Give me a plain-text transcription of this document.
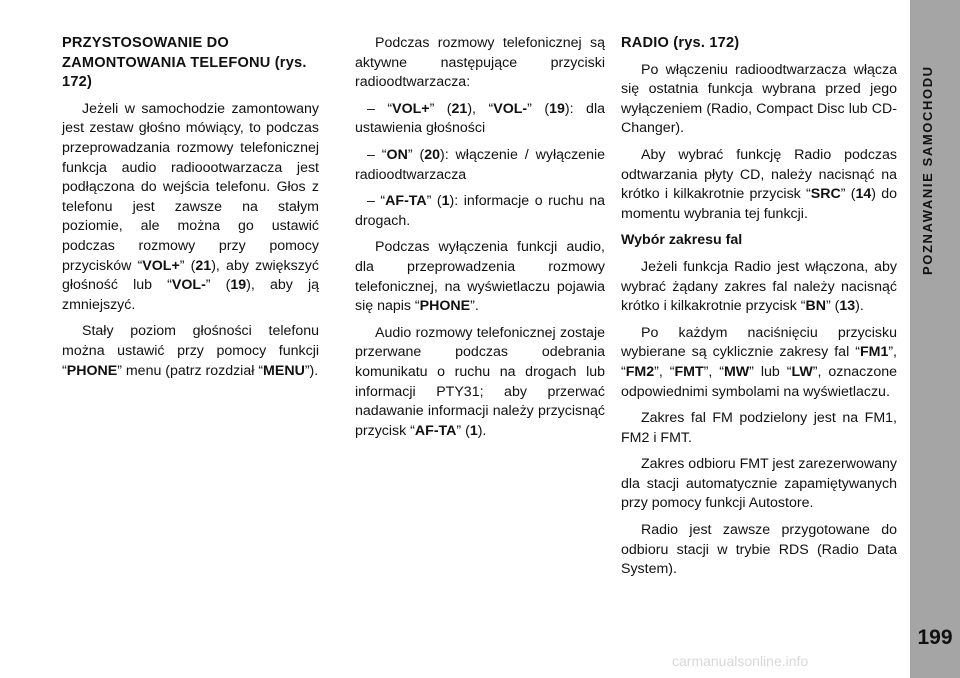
POZNAWANIE SAMOCHODU
199

PRZYSTOSOWANIE DO ZAMONTOWANIA TELEFONU (rys. 172)

Jeżeli w samochodzie zamontowany jest zestaw głośno mówiący, to podczas przeprowadzania rozmowy telefonicznej funkcja audio radioootwarzacza jest podłączona do wejścia telefonu. Głos z telefonu jest zawsze na stałym poziomie, ale można go ustawić podczas rozmowy przy pomocy przycisków “VOL+” (21), aby zwiększyć głośność lub “VOL-” (19), aby ją zmniejszyć.

Stały poziom głośności telefonu można ustawić przy pomocy funkcji “PHONE” menu (patrz rozdział “MENU”).

Podczas rozmowy telefonicznej są aktywne następujące przyciski radioodtwarzacza:

– “VOL+” (21), “VOL-” (19): dla ustawienia głośności

– “ON” (20): włączenie / wyłączenie radioodtwarzacza

– “AF-TA” (1): informacje o ruchu na drogach.

Podczas wyłączenia funkcji audio, dla przeprowadzenia rozmowy telefonicznej, na wyświetlaczu pojawia się napis “PHONE”.

Audio rozmowy telefonicznej zostaje przerwane podczas odebrania komunikatu o ruchu na drogach lub informacji PTY31; aby przerwać nadawanie informacji należy przycisnąć przycisk “AF-TA” (1).

RADIO (rys. 172)

Po włączeniu radioodtwarzacza włącza się ostatnia funkcja wybrana przed jego wyłączeniem (Radio, Compact Disc lub CD-Changer).

Aby wybrać funkcję Radio podczas odtwarzania płyty CD, należy nacisnąć na krótko i kilkakrotnie przycisk “SRC” (14) do momentu wybrania tej funkcji.

Wybór zakresu fal

Jeżeli funkcja Radio jest włączona, aby wybrać żądany zakres fal należy nacisnąć krótko i kilkakrotnie przycisk “BN” (13).

Po każdym naciśnięciu przycisku wybierane są cyklicznie zakresy fal “FM1”, “FM2”, “FMT”, “MW” lub “LW”, oznaczone odpowiednimi symbolami na wyświetlaczu.

Zakres fal FM podzielony jest na FM1, FM2 i FMT.

Zakres odbioru FMT jest zarezerwowany dla stacji automatycznie zapamiętywanych przy pomocy funkcji Autostore.

Radio jest zawsze przygotowane do odbioru stacji w trybie RDS (Radio Data System).

carmanualsonline.info
